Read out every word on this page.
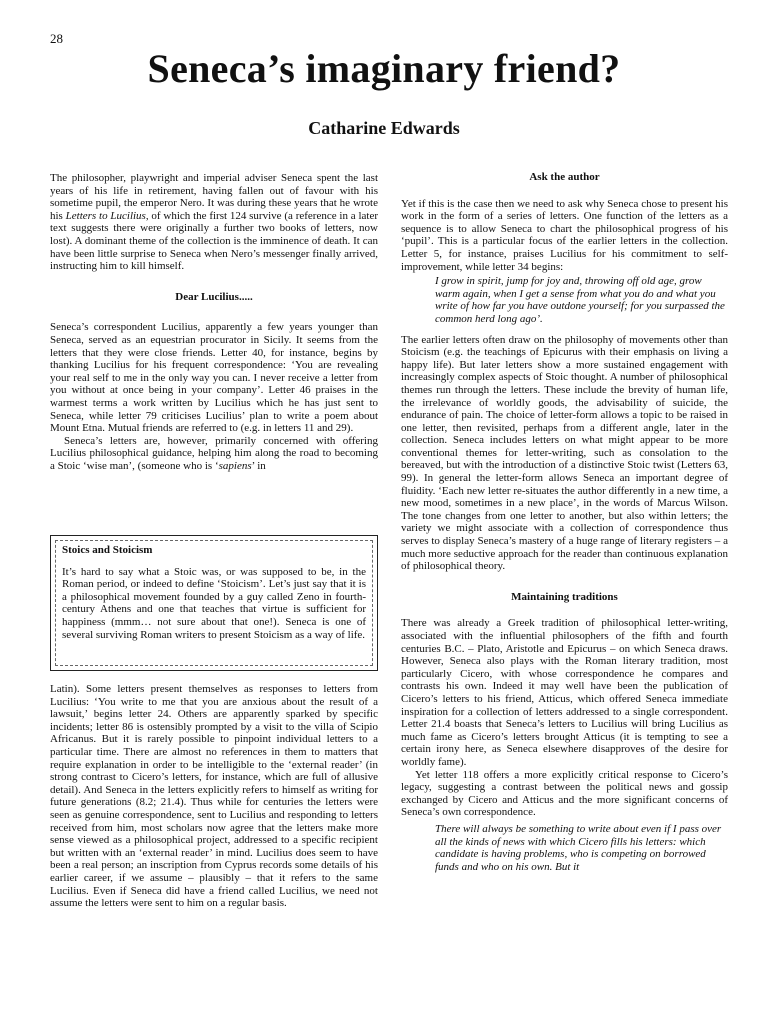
28
Seneca’s imaginary friend?
Catharine Edwards

The philosopher, playwright and imperial adviser Seneca spent the last years of his life in retirement, having fallen out of favour with his sometime pupil, the emperor Nero. It was during these years that he wrote his Letters to Lucilius, of which the first 124 survive (a reference in a later text suggests there were originally a further two books of letters, now lost). A dominant theme of the collection is the imminence of death. It can have been little surprise to Seneca when Nero’s messenger finally arrived, instructing him to kill himself.

Dear Lucilius.....

Seneca’s correspondent Lucilius, apparently a few years younger than Seneca, served as an equestrian procurator in Sicily. It seems from the letters that they were close friends. Letter 40, for instance, begins by thanking Lucilius for his frequent correspondence: ‘You are revealing your real self to me in the only way you can. I never receive a letter from you without at once being in your company’. Letter 46 praises in the warmest terms a work written by Lucilius which he has just sent to Seneca, while letter 79 criticises Lucilius’ plan to write a poem about Mount Etna. Mutual friends are referred to (e.g. in letters 11 and 29).

Seneca’s letters are, however, primarily concerned with offering Lucilius philosophical guidance, helping him along the road to becoming a Stoic ‘wise man’, (someone who is ‘sapiens’ in

Stoics and Stoicism

It’s hard to say what a Stoic was, or was supposed to be, in the Roman period, or indeed to define ‘Stoicism’. Let’s just say that it is a philosophical movement founded by a guy called Zeno in fourth-century Athens and one that teaches that virtue is sufficient for happiness (mmm… not sure about that one!). Seneca is one of several surviving Roman writers to present Stoicism as a way of life.

Latin). Some letters present themselves as responses to letters from Lucilius: ‘You write to me that you are anxious about the result of a lawsuit,’ begins letter 24. Others are apparently sparked by specific incidents; letter 86 is ostensibly prompted by a visit to the villa of Scipio Africanus. But it is rarely possible to pinpoint individual letters to a particular time. There are almost no references in them to matters that require explanation in order to be intelligible to the ‘external reader’ (in strong contrast to Cicero’s letters, for instance, which are full of allusive detail). And Seneca in the letters explicitly refers to himself as writing for future generations (8.2; 21.4). Thus while for centuries the letters were seen as genuine correspondence, sent to Lucilius and responding to letters received from him, most scholars now agree that the letters make more sense viewed as a philosophical project, addressed to a specific recipient but written with an ‘external reader’ in mind. Lucilius does seem to have been a real person; an inscription from Cyprus records some details of his earlier career, if we assume – plausibly – that it refers to the same Lucilius. Even if Seneca did have a friend called Lucilius, we need not assume the letters were sent to him on a regular basis.

Ask the author

Yet if this is the case then we need to ask why Seneca chose to present his work in the form of a series of letters. One function of the letters as a sequence is to allow Seneca to chart the philosophical progress of his ‘pupil’. This is a particular focus of the earlier letters in the collection. Letter 5, for instance, praises Lucilius for his commitment to self-improvement, while letter 34 begins:

I grow in spirit, jump for joy and, throwing off old age, grow warm again, when I get a sense from what you do and what you write of how far you have outdone yourself; for you surpassed the common herd long ago’.

The earlier letters often draw on the philosophy of movements other than Stoicism (e.g. the teachings of Epicurus with their emphasis on living a happy life). But later letters show a more sustained engagement with increasingly complex aspects of Stoic thought. A number of philosophical themes run through the letters. These include the brevity of human life, the irrelevance of worldly goods, the advisability of suicide, the endurance of pain. The choice of letter-form allows a topic to be raised in one letter, then revisited, perhaps from a different angle, later in the collection. Seneca includes letters on what might appear to be more conventional themes for letter-writing, such as consolation to the bereaved, but with the introduction of a distinctive Stoic twist (Letters 63, 99). In general the letter-form allows Seneca an important degree of fluidity. ‘Each new letter re-situates the author differently in a new time, a new mood, sometimes in a new place’, in the words of Marcus Wilson. The tone changes from one letter to another, but also within letters; the variety we might associate with a collection of correspondence thus serves to display Seneca’s mastery of a huge range of literary registers – a much more seductive approach for the reader than continuous explanation of philosophical theory.

Maintaining traditions

There was already a Greek tradition of philosophical letter-writing, associated with the influential philosophers of the fifth and fourth centuries B.C. – Plato, Aristotle and Epicurus – on which Seneca draws. However, Seneca also plays with the Roman literary tradition, most particularly Cicero, with whose correspondence he compares and contrasts his own. Indeed it may well have been the publication of Cicero’s letters to his friend, Atticus, which offered Seneca immediate inspiration for a collection of letters addressed to a single correspondent. Letter 21.4 boasts that Seneca’s letters to Lucilius will bring Lucilius as much fame as Cicero’s letters brought Atticus (it is tempting to see a certain irony here, as Seneca elsewhere disapproves of the desire for worldly fame).

Yet letter 118 offers a more explicitly critical response to Cicero’s legacy, suggesting a contrast between the political news and gossip exchanged by Cicero and Atticus and the more significant concerns of Seneca’s own correspondence.

There will always be something to write about even if I pass over all the kinds of news with which Cicero fills his letters: which candidate is having problems, who is competing on borrowed funds and who on his own. But it
